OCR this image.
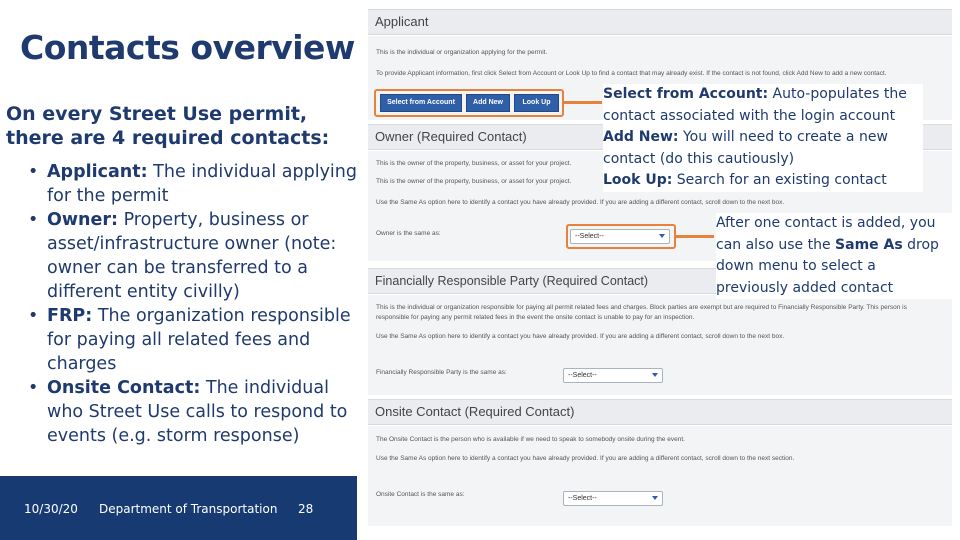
Contacts overview
On every Street Use permit, there are 4 required contacts:
• Applicant: The individual applying for the permit
• Owner: Property, business or asset/infrastructure owner (note: owner can be transferred to a different entity civilly)
• FRP: The organization responsible for paying all related fees and charges
• Onsite Contact: The individual who Street Use calls to respond to events (e.g. storm response)
10/30/20 Department of Transportation 28
Applicant
This is the individual or organization applying for the permit.
To provide Applicant information, first click Select from Account or Look Up to find a contact that may already exist. If the contact is not found, click Add New to add a new contact.
Select from Account	Add New	Look Up
Owner (Required Contact)
This is the owner of the property, business, or asset for your project.
This is the owner of the property, business, or asset for your project.
Use the Same As option here to identify a contact you have already provided. If you are adding a different contact, scroll down to the next box.
Owner is the same as:	--Select--
Financially Responsible Party (Required Contact)
This is the individual or organization responsible for paying all permit related fees and charges. Block parties are exempt but are required to Financially Responsible Party. This person is
responsible for paying any permit related fees in the event the onsite contact is unable to pay for an inspection.
Use the Same As option here to identify a contact you have already provided. If you are adding a different contact, scroll down to the next box.
Financially Responsible Party is the same as:	--Select--
Onsite Contact (Required Contact)
The Onsite Contact is the person who is available if we need to speak to somebody onsite during the event.
Use the Same As option here to identify a contact you have already provided. If you are adding a different contact, scroll down to the next section.
Onsite Contact is the same as:
--Select--
Select from Account: Auto-populates the contact associated with the login account
Add New: You will need to create a new contact (do this cautiously)
Look Up: Search for an existing contact
After one contact is added, you can also use the Same As drop down menu to select a previously added contact
